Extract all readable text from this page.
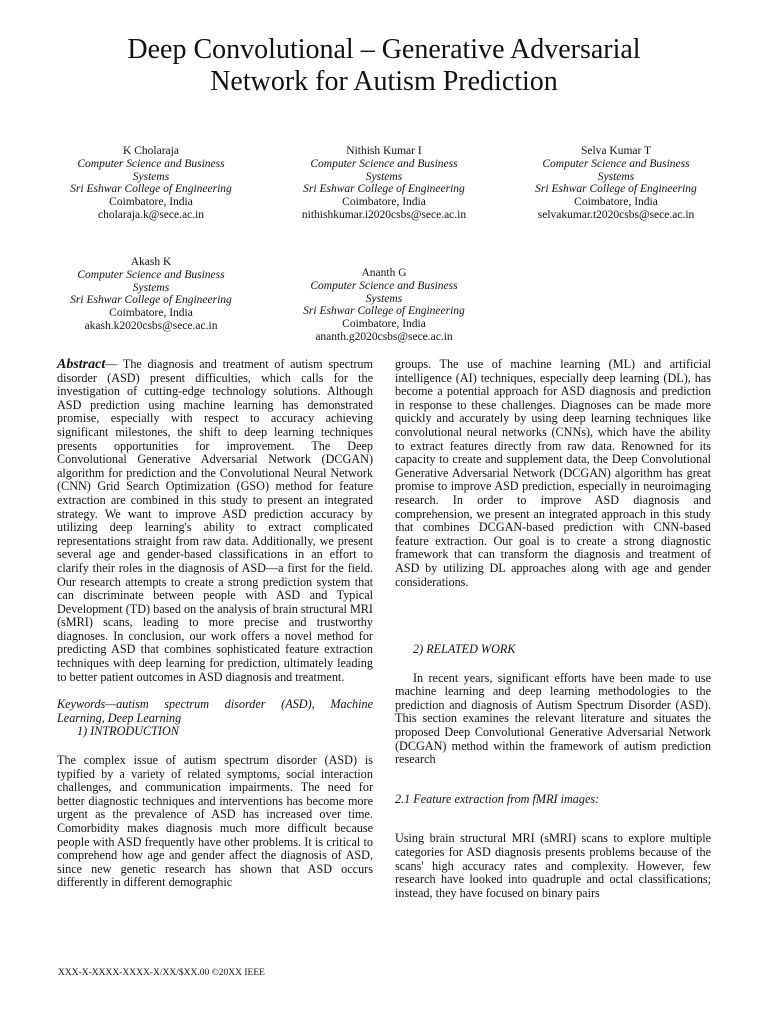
Deep Convolutional – Generative Adversarial
Network for Autism Prediction
K Cholaraja
Computer Science and Business
Systems
Sri Eshwar College of Engineering
Coimbatore, India
cholaraja.k@sece.ac.in
Nithish Kumar I
Computer Science and Business
Systems
Sri Eshwar College of Engineering
Coimbatore, India
nithishkumar.i2020csbs@sece.ac.in
Selva Kumar T
Computer Science and Business
Systems
Sri Eshwar College of Engineering
Coimbatore, India
selvakumar.t2020csbs@sece.ac.in
Akash K
Computer Science and Business
Systems
Sri Eshwar College of Engineering
Coimbatore, India
akash.k2020csbs@sece.ac.in
Ananth G
Computer Science and Business
Systems
Sri Eshwar College of Engineering
Coimbatore, India
ananth.g2020csbs@sece.ac.in

Abstract— The diagnosis and treatment of autism spectrum disorder (ASD) present difficulties, which calls for the investigation of cutting-edge technology solutions. Although ASD prediction using machine learning has demonstrated promise, especially with respect to accuracy achieving significant milestones, the shift to deep learning techniques presents opportunities for improvement. The Deep Convolutional Generative Adversarial Network (DCGAN) algorithm for prediction and the Convolutional Neural Network (CNN) Grid Search Optimization (GSO) method for feature extraction are combined in this study to present an integrated strategy. We want to improve ASD prediction accuracy by utilizing deep learning's ability to extract complicated representations straight from raw data. Additionally, we present several age and gender-based classifications in an effort to clarify their roles in the diagnosis of ASD—a first for the field. Our research attempts to create a strong prediction system that can discriminate between people with ASD and Typical Development (TD) based on the analysis of brain structural MRI (sMRI) scans, leading to more precise and trustworthy diagnoses. In conclusion, our work offers a novel method for predicting ASD that combines sophisticated feature extraction techniques with deep learning for prediction, ultimately leading to better patient outcomes in ASD diagnosis and treatment.

Keywords—autism spectrum disorder (ASD), Machine Learning, Deep Learning

1) INTRODUCTION

The complex issue of autism spectrum disorder (ASD) is typified by a variety of related symptoms, social interaction challenges, and communication impairments. The need for better diagnostic techniques and interventions has become more urgent as the prevalence of ASD has increased over time. Comorbidity makes diagnosis much more difficult because people with ASD frequently have other problems. It is critical to comprehend how age and gender affect the diagnosis of ASD, since new genetic research has shown that ASD occurs differently in different demographic

groups. The use of machine learning (ML) and artificial intelligence (AI) techniques, especially deep learning (DL), has become a potential approach for ASD diagnosis and prediction in response to these challenges. Diagnoses can be made more quickly and accurately by using deep learning techniques like convolutional neural networks (CNNs), which have the ability to extract features directly from raw data. Renowned for its capacity to create and supplement data, the Deep Convolutional Generative Adversarial Network (DCGAN) algorithm has great promise to improve ASD prediction, especially in neuroimaging research. In order to improve ASD diagnosis and comprehension, we present an integrated approach in this study that combines DCGAN-based prediction with CNN-based feature extraction. Our goal is to create a strong diagnostic framework that can transform the diagnosis and treatment of ASD by utilizing DL approaches along with age and gender considerations.

2) RELATED WORK

In recent years, significant efforts have been made to use machine learning and deep learning methodologies to the prediction and diagnosis of Autism Spectrum Disorder (ASD). This section examines the relevant literature and situates the proposed Deep Convolutional Generative Adversarial Network (DCGAN) method within the framework of autism prediction research

2.1 Feature extraction from fMRI images:

Using brain structural MRI (sMRI) scans to explore multiple categories for ASD diagnosis presents problems because of the scans' high accuracy rates and complexity. However, few research have looked into quadruple and octal classifications; instead, they have focused on binary pairs

XXX-X-XXXX-XXXX-X/XX/$XX.00 ©20XX IEEE
